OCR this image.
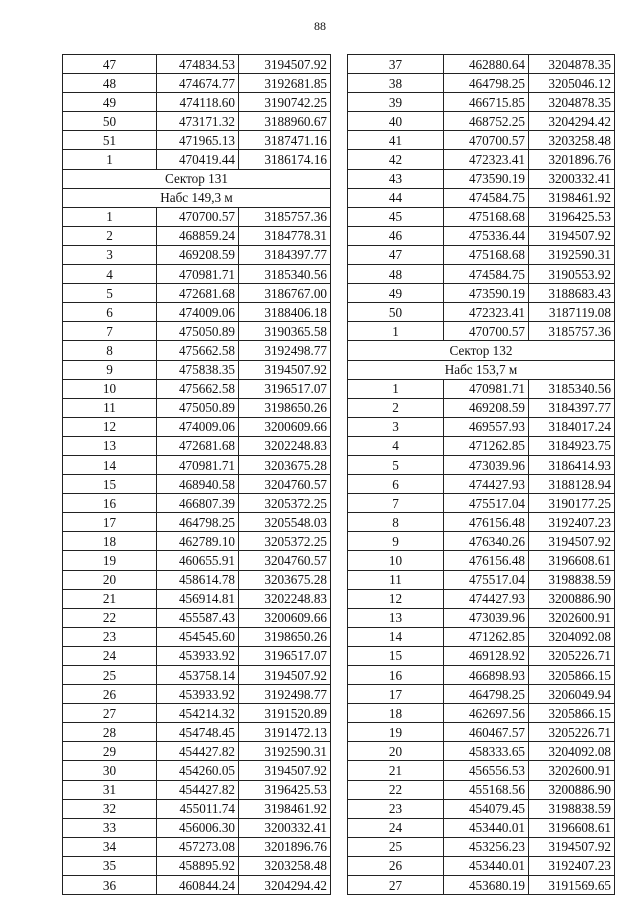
88
47	474834.53	3194507.92
48	474674.77	3192681.85
49	474118.60	3190742.25
50	473171.32	3188960.67
51	471965.13	3187471.16
1	470419.44	3186174.16
Сектор 131		
Набс 149,3 м		
1	470700.57	3185757.36
2	468859.24	3184778.31
3	469208.59	3184397.77
4	470981.71	3185340.56
5	472681.68	3186767.00
6	474009.06	3188406.18
7	475050.89	3190365.58
8	475662.58	3192498.77
9	475838.35	3194507.92
10	475662.58	3196517.07
11	475050.89	3198650.26
12	474009.06	3200609.66
13	472681.68	3202248.83
14	470981.71	3203675.28
15	468940.58	3204760.57
16	466807.39	3205372.25
17	464798.25	3205548.03
18	462789.10	3205372.25
19	460655.91	3204760.57
20	458614.78	3203675.28
21	456914.81	3202248.83
22	455587.43	3200609.66
23	454545.60	3198650.26
24	453933.92	3196517.07
25	453758.14	3194507.92
26	453933.92	3192498.77
27	454214.32	3191520.89
28	454748.45	3191472.13
29	454427.82	3192590.31
30	454260.05	3194507.92
31	454427.82	3196425.53
32	455011.74	3198461.92
33	456006.30	3200332.41
34	457273.08	3201896.76
35	458895.92	3203258.48
36	460844.24	3204294.42
37	462880.64	3204878.35
38	464798.25	3205046.12
39	466715.85	3204878.35
40	468752.25	3204294.42
41	470700.57	3203258.48
42	472323.41	3201896.76
43	473590.19	3200332.41
44	474584.75	3198461.92
45	475168.68	3196425.53
46	475336.44	3194507.92
47	475168.68	3192590.31
48	474584.75	3190553.92
49	473590.19	3188683.43
50	472323.41	3187119.08
1	470700.57	3185757.36
Сектор 132		
Набс 153,7 м		
1	470981.71	3185340.56
2	469208.59	3184397.77
3	469557.93	3184017.24
4	471262.85	3184923.75
5	473039.96	3186414.93
6	474427.93	3188128.94
7	475517.04	3190177.25
8	476156.48	3192407.23
9	476340.26	3194507.92
10	476156.48	3196608.61
11	475517.04	3198838.59
12	474427.93	3200886.90
13	473039.96	3202600.91
14	471262.85	3204092.08
15	469128.92	3205226.71
16	466898.93	3205866.15
17	464798.25	3206049.94
18	462697.56	3205866.15
19	460467.57	3205226.71
20	458333.65	3204092.08
21	456556.53	3202600.91
22	455168.56	3200886.90
23	454079.45	3198838.59
24	453440.01	3196608.61
25	453256.23	3194507.92
26	453440.01	3192407.23
27	453680.19	3191569.65
